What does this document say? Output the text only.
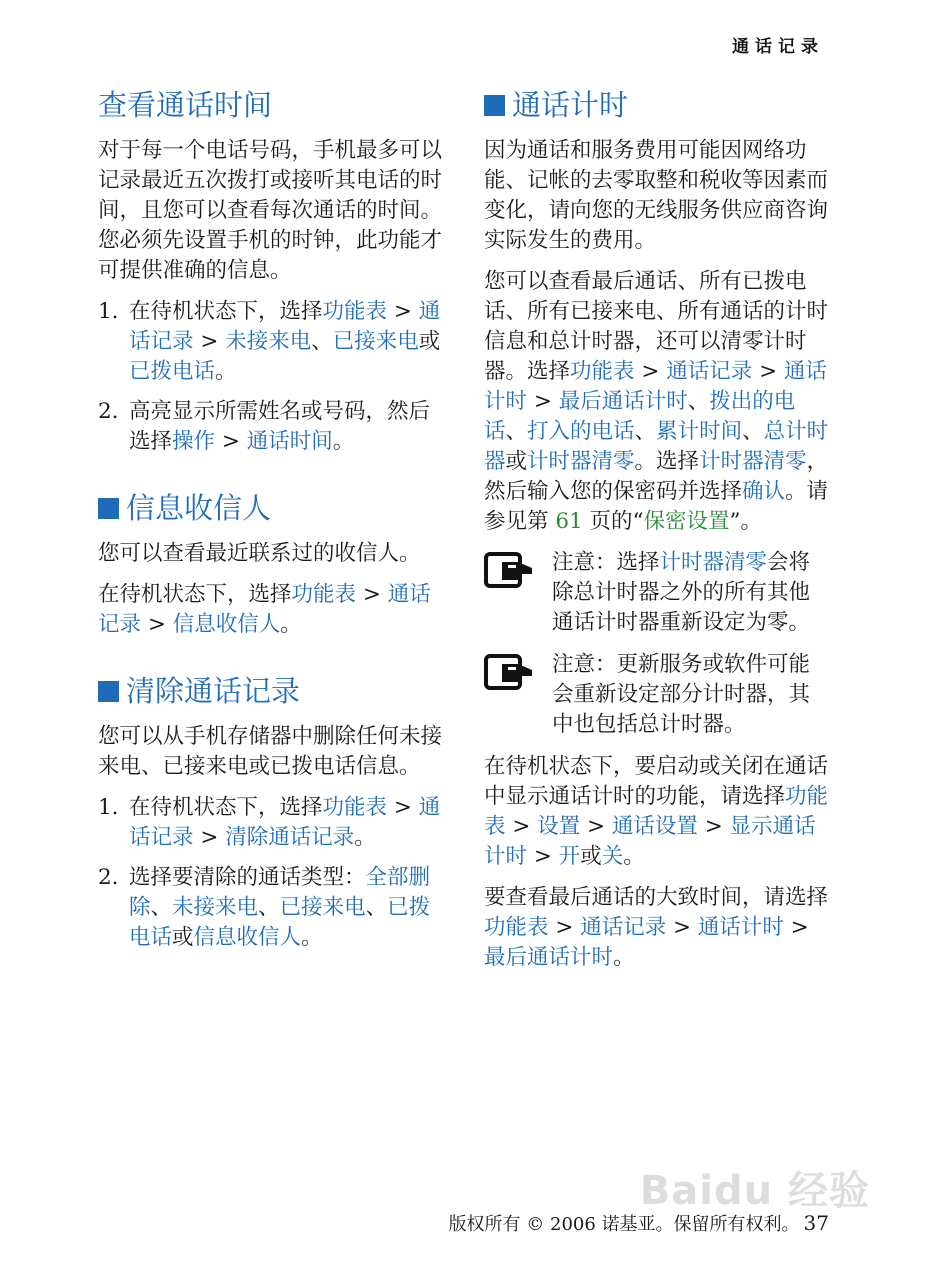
通话记录
查看通话时间

对于每一个电话号码，手机最多可以记录最近五次拨打或接听其电话的时间，且您可以查看每次通话的时间。您必须先设置手机的时钟，此功能才可提供准确的信息。

1. 在待机状态下，选择功能表 > 通话记录 > 未接来电、已接来电或已拨电话。
2. 高亮显示所需姓名或号码，然后选择操作 > 通话时间。
信息收信人

您可以查看最近联系过的收信人。

在待机状态下，选择功能表 > 通话记录 > 信息收信人。

清除通话记录

您可以从手机存储器中删除任何未接来电、已接来电或已拨电话信息。

1. 在待机状态下，选择功能表 > 通话记录 > 清除通话记录。
2. 选择要清除的通话类型：全部删除、未接来电、已接来电、已拨电话或信息收信人。
通话计时

因为通话和服务费用可能因网络功能、记帐的去零取整和税收等因素而变化，请向您的无线服务供应商咨询实际发生的费用。

您可以查看最后通话、所有已拨电话、所有已接来电、所有通话的计时信息和总计时器，还可以清零计时器。选择功能表 > 通话记录 > 通话计时 > 最后通话计时、拨出的电话、打入的电话、累计时间、总计时器或计时器清零。选择计时器清零，然后输入您的保密码并选择确认。请参见第 61 页的“保密设置”。

注意：选择计时器清零会将除总计时器之外的所有其他通话计时器重新设定为零。
注意：更新服务或软件可能会重新设定部分计时器，其中也包括总计时器。

在待机状态下，要启动或关闭在通话中显示通话计时的功能，请选择功能表 > 设置 > 通话设置 > 显示通话计时 > 开或关。

要查看最后通话的大致时间，请选择功能表 > 通话记录 > 通话计时 > 最后通话计时。

Baidu 经验
版权所有 © 2006 诺基亚。保留所有权利。 37
